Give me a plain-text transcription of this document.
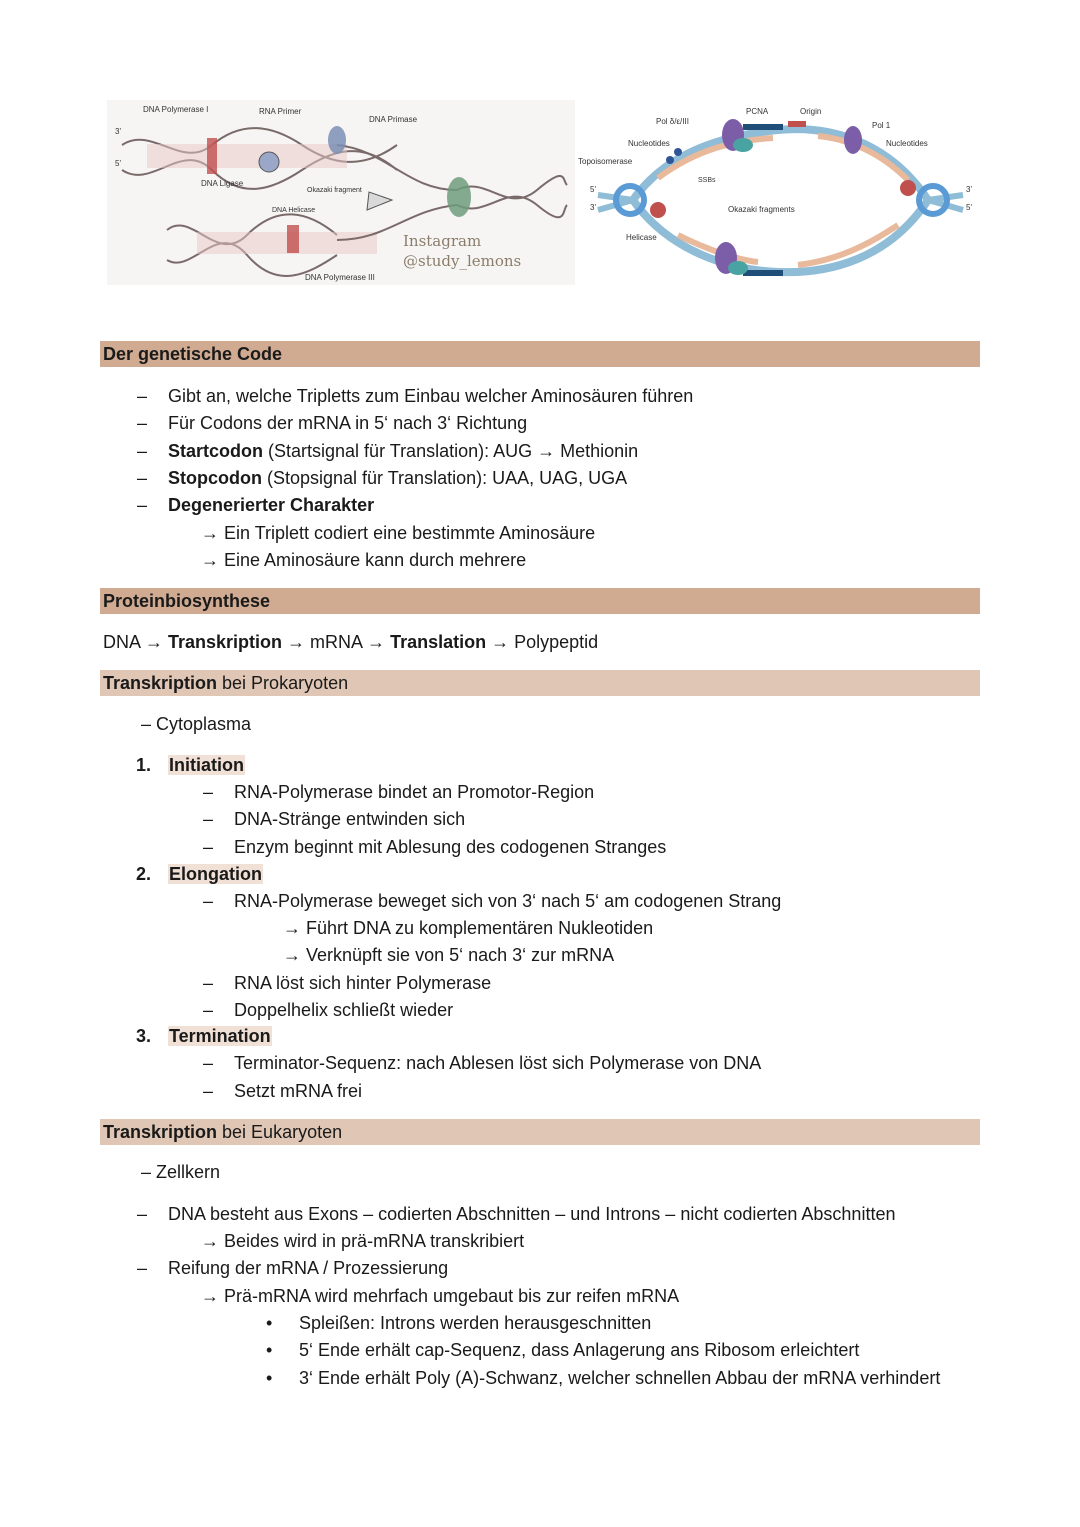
DNA Polymerase I	RNA Primer
DNA Primase
DNA Ligase
Okazaki fragment
DNA Helicase
DNA Polymerase III
3'
5'
Instagram
@study_lemons
Pol δ/ε/III
PCNA	Origin
Pol 1
Nucleotides	Nucleotides
Topoisomerase
SSBs
Okazaki fragments
Helicase
5'
3'
3'
5'
Der genetische Code
– Gibt an, welche Tripletts zum Einbau welcher Aminosäuren führen
– Für Codons der mRNA in 5‘ nach 3‘ Richtung
– Startcodon (Startsignal für Translation): AUG → Methionin
– Stopcodon (Stopsignal für Translation): UAA, UAG, UGA
– Degenerierter Charakter
→ Ein Triplett codiert eine bestimmte Aminosäure
→ Eine Aminosäure kann durch mehrere
Proteinbiosynthese
DNA → Transkription → mRNA → Translation → Polypeptid
Transkription bei Prokaryoten
– Cytoplasma
1. Initiation
– RNA-Polymerase bindet an Promotor-Region
– DNA-Stränge entwinden sich
– Enzym beginnt mit Ablesung des codogenen Stranges
2. Elongation
– RNA-Polymerase beweget sich von 3‘ nach 5‘ am codogenen Strang
→ Führt DNA zu komplementären Nukleotiden
→ Verknüpft sie von 5‘ nach 3‘ zur mRNA
– RNA löst sich hinter Polymerase
– Doppelhelix schließt wieder
3. Termination
– Terminator-Sequenz: nach Ablesen löst sich Polymerase von DNA
– Setzt mRNA frei
Transkription bei Eukaryoten
– Zellkern
– DNA besteht aus Exons – codierten Abschnitten – und Introns – nicht codierten Abschnitten
→ Beides wird in prä-mRNA transkribiert
– Reifung der mRNA / Prozessierung
→ Prä-mRNA wird mehrfach umgebaut bis zur reifen mRNA
• Spleißen: Introns werden herausgeschnitten
• 5‘ Ende erhält cap-Sequenz, dass Anlagerung ans Ribosom erleichtert
• 3‘ Ende erhält Poly (A)-Schwanz, welcher schnellen Abbau der mRNA verhindert
